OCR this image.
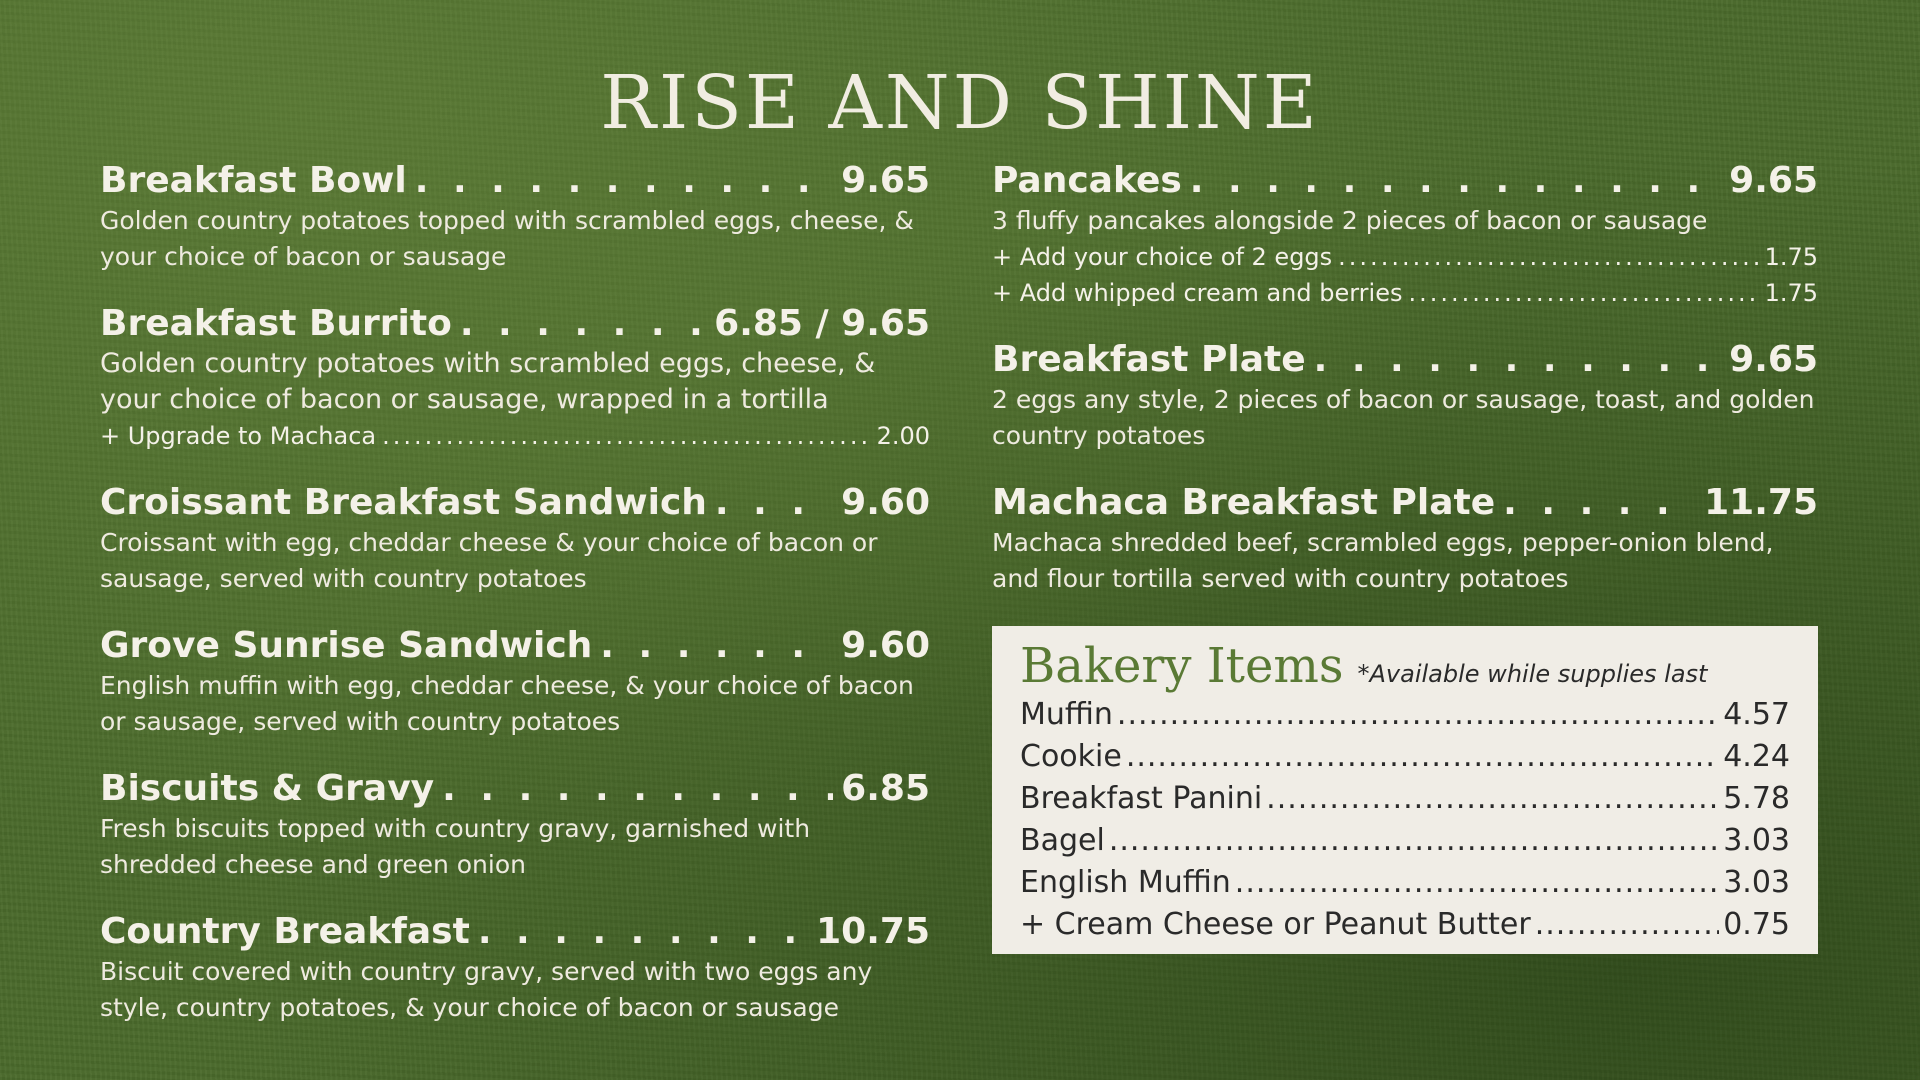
RISE AND SHINE
Breakfast Bowl . . .	9.65
Golden country potatoes topped with scrambled eggs, cheese, & your choice of bacon or sausage
Breakfast Burrito . . .	6.85 / 9.65
Golden country potatoes with scrambled eggs, cheese, & your choice of bacon or sausage, wrapped in a tortilla
+ Upgrade to Machaca .....	2.00
Croissant Breakfast Sandwich . . .	9.60
Croissant with egg, cheddar cheese & your choice of bacon or sausage, served with country potatoes
Grove Sunrise Sandwich . . .	9.60
English muffin with egg, cheddar cheese, & your choice of bacon or sausage, served with country potatoes
Biscuits & Gravy . . .	6.85
Fresh biscuits topped with country gravy, garnished with shredded cheese and green onion
Country Breakfast . . .	10.75
Biscuit covered with country gravy, served with two eggs any style, country potatoes, & your choice of bacon or sausage
Pancakes . . .	9.65
3 fluffy pancakes alongside 2 pieces of bacon or sausage
+ Add your choice of 2 eggs .....	1.75
+ Add whipped cream and berries .....	1.75
Breakfast Plate . . .	9.65
2 eggs any style, 2 pieces of bacon or sausage, toast, and golden country potatoes
Machaca Breakfast Plate . . .	11.75
Machaca shredded beef, scrambled eggs, pepper-onion blend, and flour tortilla served with country potatoes
Bakery Items *Available while supplies last
Muffin .....	4.57
Cookie .....	4.24
Breakfast Panini .....	5.78
Bagel .....	3.03
English Muffin .....	3.03
+ Cream Cheese or Peanut Butter .....	0.75
